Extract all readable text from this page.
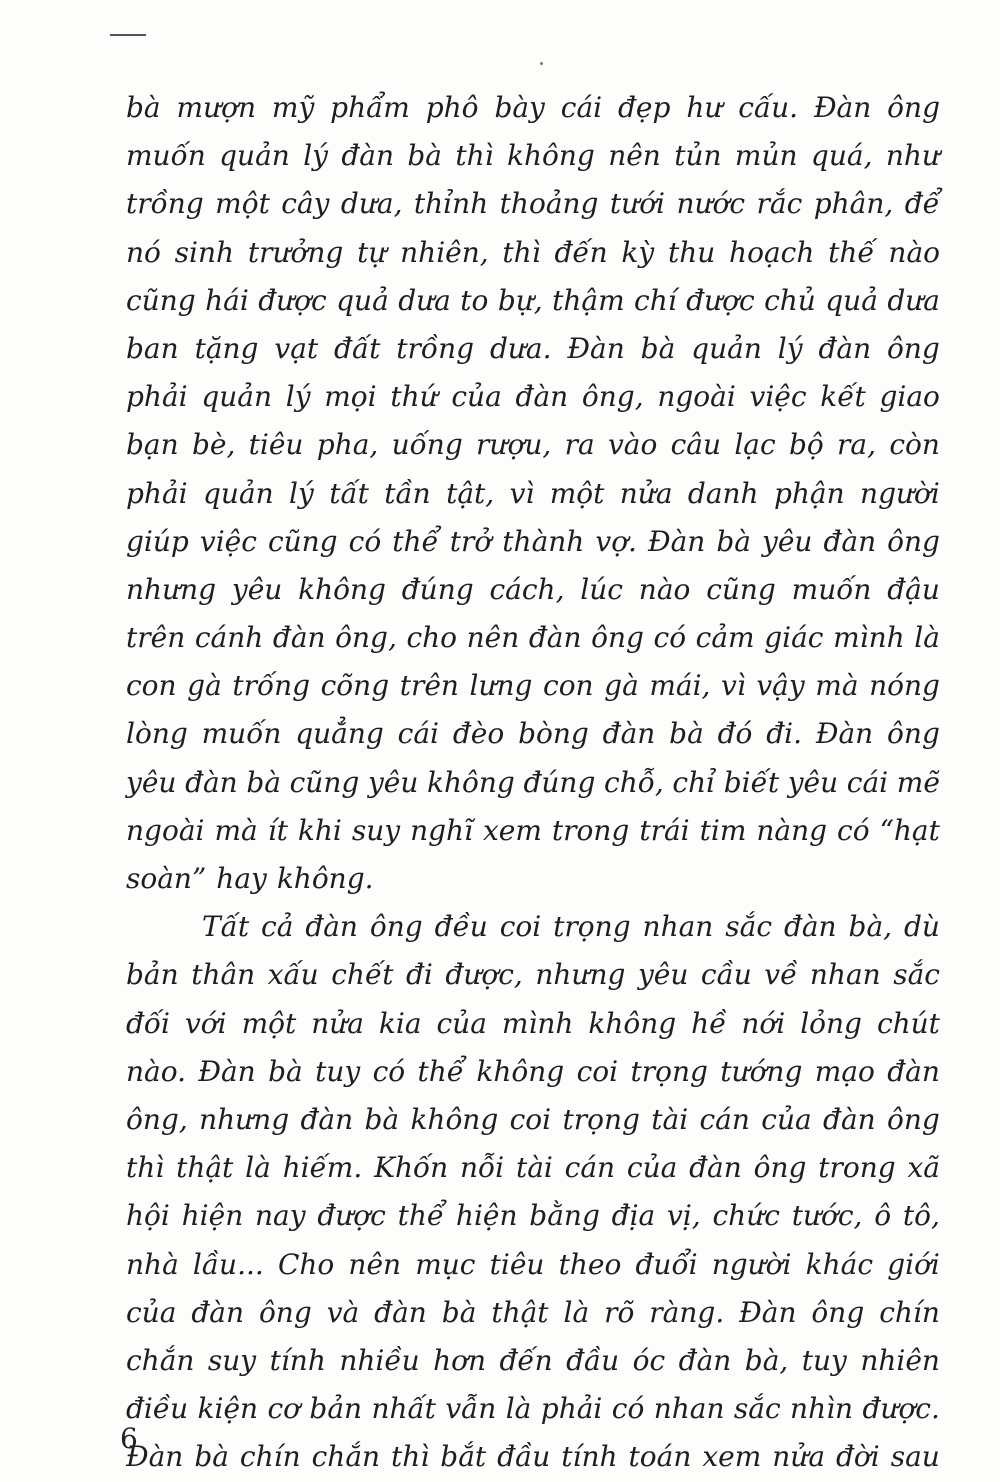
bà mượn mỹ phẩm phô bày cái đẹp hư cấu. Đàn ông
muốn quản lý đàn bà thì không nên tủn mủn quá, như
trồng một cây dưa, thỉnh thoảng tưới nước rắc phân, để
nó sinh trưởng tự nhiên, thì đến kỳ thu hoạch thế nào
cũng hái được quả dưa to bự, thậm chí được chủ quả dưa
ban tặng vạt đất trồng dưa. Đàn bà quản lý đàn ông
phải quản lý mọi thứ của đàn ông, ngoài việc kết giao
bạn bè, tiêu pha, uống rượu, ra vào câu lạc bộ ra, còn
phải quản lý tất tần tật, vì một nửa danh phận người
giúp việc cũng có thể trở thành vợ. Đàn bà yêu đàn ông
nhưng yêu không đúng cách, lúc nào cũng muốn đậu
trên cánh đàn ông, cho nên đàn ông có cảm giác mình là
con gà trống cõng trên lưng con gà mái, vì vậy mà nóng
lòng muốn quẳng cái đèo bòng đàn bà đó đi. Đàn ông
yêu đàn bà cũng yêu không đúng chỗ, chỉ biết yêu cái mẽ
ngoài mà ít khi suy nghĩ xem trong trái tim nàng có “hạt
soàn” hay không.
Tất cả đàn ông đều coi trọng nhan sắc đàn bà, dù
bản thân xấu chết đi được, nhưng yêu cầu về nhan sắc
đối với một nửa kia của mình không hề nới lỏng chút
nào. Đàn bà tuy có thể không coi trọng tướng mạo đàn
ông, nhưng đàn bà không coi trọng tài cán của đàn ông
thì thật là hiếm. Khốn nỗi tài cán của đàn ông trong xã
hội hiện nay được thể hiện bằng địa vị, chức tước, ô tô,
nhà lầu... Cho nên mục tiêu theo đuổi người khác giới
của đàn ông và đàn bà thật là rõ ràng. Đàn ông chín
chắn suy tính nhiều hơn đến đầu óc đàn bà, tuy nhiên
điều kiện cơ bản nhất vẫn là phải có nhan sắc nhìn được.
Đàn bà chín chắn thì bắt đầu tính toán xem nửa đời sau
6
